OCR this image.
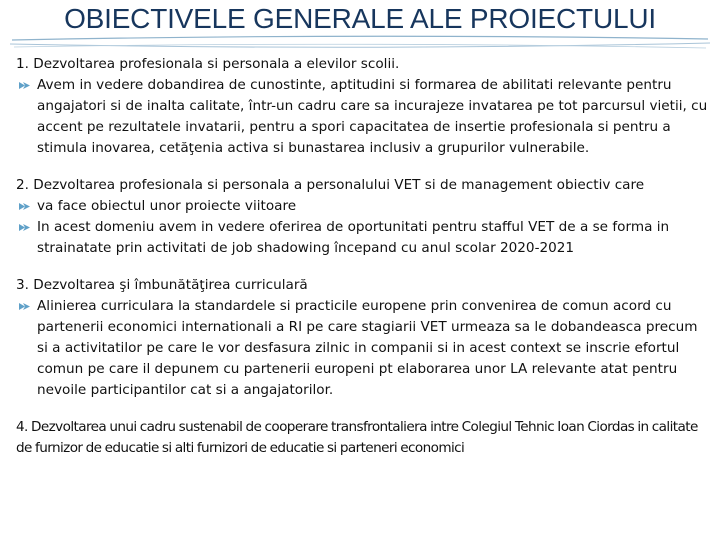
OBIECTIVELE GENERALE ALE PROIECTULUI
1. Dezvoltarea profesionala si personala a elevilor scolii.
Avem in vedere dobandirea de cunostinte, aptitudini si formarea de abilitati relevante pentru angajatori si de inalta calitate, într-un cadru care sa incurajeze invatarea pe tot parcursul vietii, cu accent pe rezultatele invatarii, pentru a spori capacitatea de insertie profesionala si pentru a stimula inovarea, cetăţenia activa si bunastarea inclusiv a grupurilor vulnerabile.
2. Dezvoltarea profesionala si personala a personalului VET si de management obiectiv care
va face obiectul unor proiecte viitoare
In acest domeniu avem in vedere oferirea de oportunitati pentru stafful VET de a se forma in strainatate prin activitati de job shadowing începand cu anul scolar 2020-2021
3. Dezvoltarea şi îmbunătăţirea curriculară
Alinierea curriculara la standardele si practicile europene prin convenirea de comun acord cu partenerii economici internationali a RI pe care stagiarii VET urmeaza sa le dobandeasca precum si a activitatilor pe care le vor desfasura zilnic in companii si in acest context se inscrie efortul comun pe care il depunem cu partenerii europeni pt elaborarea unor LA relevante atat pentru nevoile participantilor cat si a angajatorilor.
4. Dezvoltarea unui cadru sustenabil de cooperare transfrontaliera intre Colegiul Tehnic Ioan Ciordas in calitate de furnizor de educatie si alti furnizori de educatie si parteneri economici
